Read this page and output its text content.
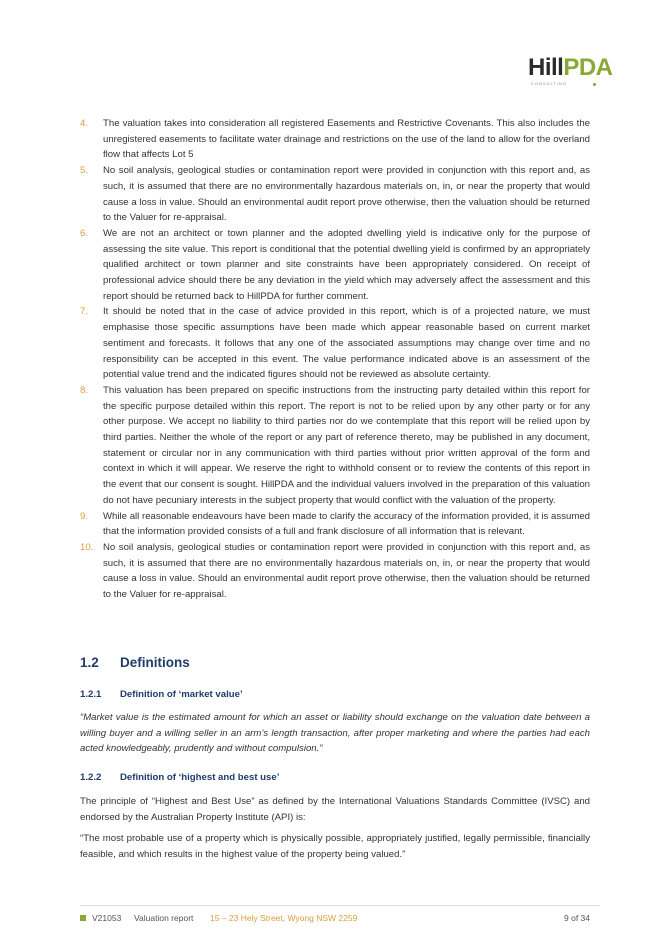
HillPDA
CONSULTING
4. The valuation takes into consideration all registered Easements and Restrictive Covenants. This also includes the unregistered easements to facilitate water drainage and restrictions on the use of the land to allow for the overland flow that affects Lot 5
5. No soil analysis, geological studies or contamination report were provided in conjunction with this report and, as such, it is assumed that there are no environmentally hazardous materials on, in, or near the property that would cause a loss in value. Should an environmental audit report prove otherwise, then the valuation should be returned to the Valuer for re-appraisal.
6. We are not an architect or town planner and the adopted dwelling yield is indicative only for the purpose of assessing the site value. This report is conditional that the potential dwelling yield is confirmed by an appropriately qualified architect or town planner and site constraints have been appropriately considered. On receipt of professional advice should there be any deviation in the yield which may adversely affect the assessment and this report should be returned back to HillPDA for further comment.
7. It should be noted that in the case of advice provided in this report, which is of a projected nature, we must emphasise those specific assumptions have been made which appear reasonable based on current market sentiment and forecasts. It follows that any one of the associated assumptions may change over time and no responsibility can be accepted in this event. The value performance indicated above is an assessment of the potential value trend and the indicated figures should not be reviewed as absolute certainty.
8. This valuation has been prepared on specific instructions from the instructing party detailed within this report for the specific purpose detailed within this report. The report is not to be relied upon by any other party or for any other purpose. We accept no liability to third parties nor do we contemplate that this report will be relied upon by third parties. Neither the whole of the report or any part of reference thereto, may be published in any document, statement or circular nor in any communication with third parties without prior written approval of the form and context in which it will appear. We reserve the right to withhold consent or to review the contents of this report in the event that our consent is sought. HillPDA and the individual valuers involved in the preparation of this valuation do not have pecuniary interests in the subject property that would conflict with the valuation of the property.
9. While all reasonable endeavours have been made to clarify the accuracy of the information provided, it is assumed that the information provided consists of a full and frank disclosure of all information that is relevant.
10. No soil analysis, geological studies or contamination report were provided in conjunction with this report and, as such, it is assumed that there are no environmentally hazardous materials on, in, or near the property that would cause a loss in value. Should an environmental audit report prove otherwise, then the valuation should be returned to the Valuer for re-appraisal.
1.2 Definitions
1.2.1 Definition of ‘market value’

“Market value is the estimated amount for which an asset or liability should exchange on the valuation date between a willing buyer and a willing seller in an arm’s length transaction, after proper marketing and where the parties had each acted knowledgeably, prudently and without compulsion.”

1.2.2 Definition of ‘highest and best use’

The principle of “Highest and Best Use” as defined by the International Valuations Standards Committee (IVSC) and endorsed by the Australian Property Institute (API) is:

“The most probable use of a property which is physically possible, appropriately justified, legally permissible, financially feasible, and which results in the highest value of the property being valued.”

V21053 Valuation report 15 – 23 Hely Street, Wyong NSW 2259	9 of 34
